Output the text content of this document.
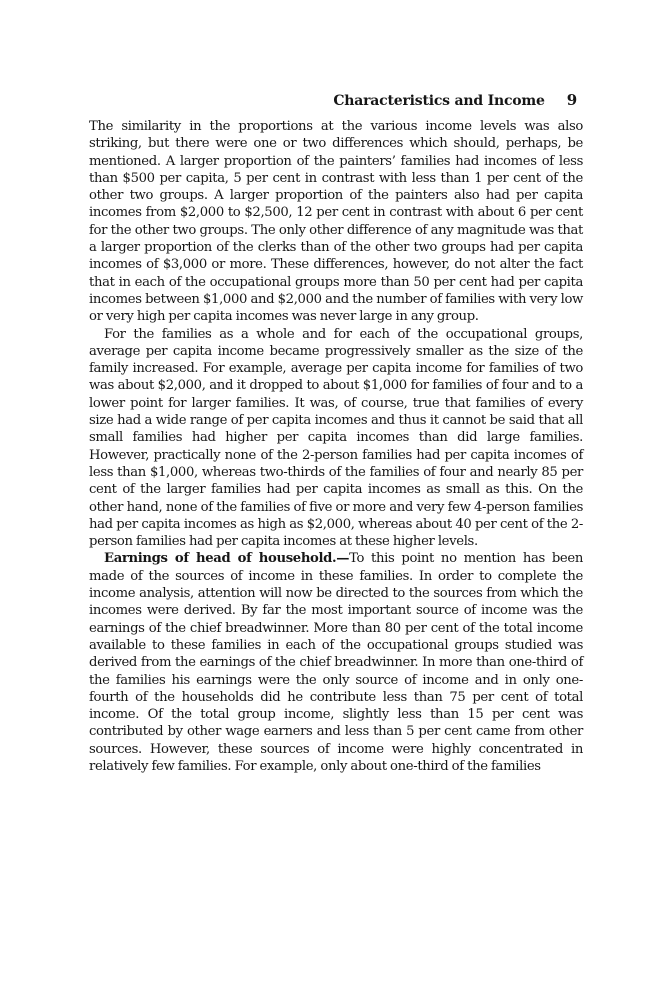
Characteristics and Income 9

The similarity in the proportions at the various income levels was also striking, but there were one or two differences which should, perhaps, be mentioned. A larger proportion of the painters’ families had incomes of less than $500 per capita, 5 per cent in contrast with less than 1 per cent of the other two groups. A larger proportion of the painters also had per capita incomes from $2,000 to $2,500, 12 per cent in contrast with about 6 per cent for the other two groups. The only other difference of any magnitude was that a larger proportion of the clerks than of the other two groups had per capita incomes of $3,000 or more. These differences, however, do not alter the fact that in each of the occupational groups more than 50 per cent had per capita incomes between $1,000 and $2,000 and the number of families with very low or very high per capita incomes was never large in any group.

For the families as a whole and for each of the occupational groups, average per capita income became progressively smaller as the size of the family increased. For example, average per capita income for families of two was about $2,000, and it dropped to about $1,000 for families of four and to a lower point for larger families. It was, of course, true that families of every size had a wide range of per capita incomes and thus it cannot be said that all small families had higher per capita incomes than did large families. However, practically none of the 2-person families had per capita incomes of less than $1,000, whereas two-thirds of the families of four and nearly 85 per cent of the larger families had per capita incomes as small as this. On the other hand, none of the families of five or more and very few 4-person families had per capita incomes as high as $2,000, whereas about 40 per cent of the 2-person families had per capita incomes at these higher levels.

Earnings of head of household.—To this point no mention has been made of the sources of income in these families. In order to complete the income analysis, attention will now be directed to the sources from which the incomes were derived. By far the most important source of income was the earnings of the chief breadwinner. More than 80 per cent of the total income available to these families in each of the occupational groups studied was derived from the earnings of the chief breadwinner. In more than one-third of the families his earnings were the only source of income and in only one-fourth of the households did he contribute less than 75 per cent of total income. Of the total group income, slightly less than 15 per cent was contributed by other wage earners and less than 5 per cent came from other sources. However, these sources of income were highly concentrated in relatively few families. For example, only about one-third of the families
